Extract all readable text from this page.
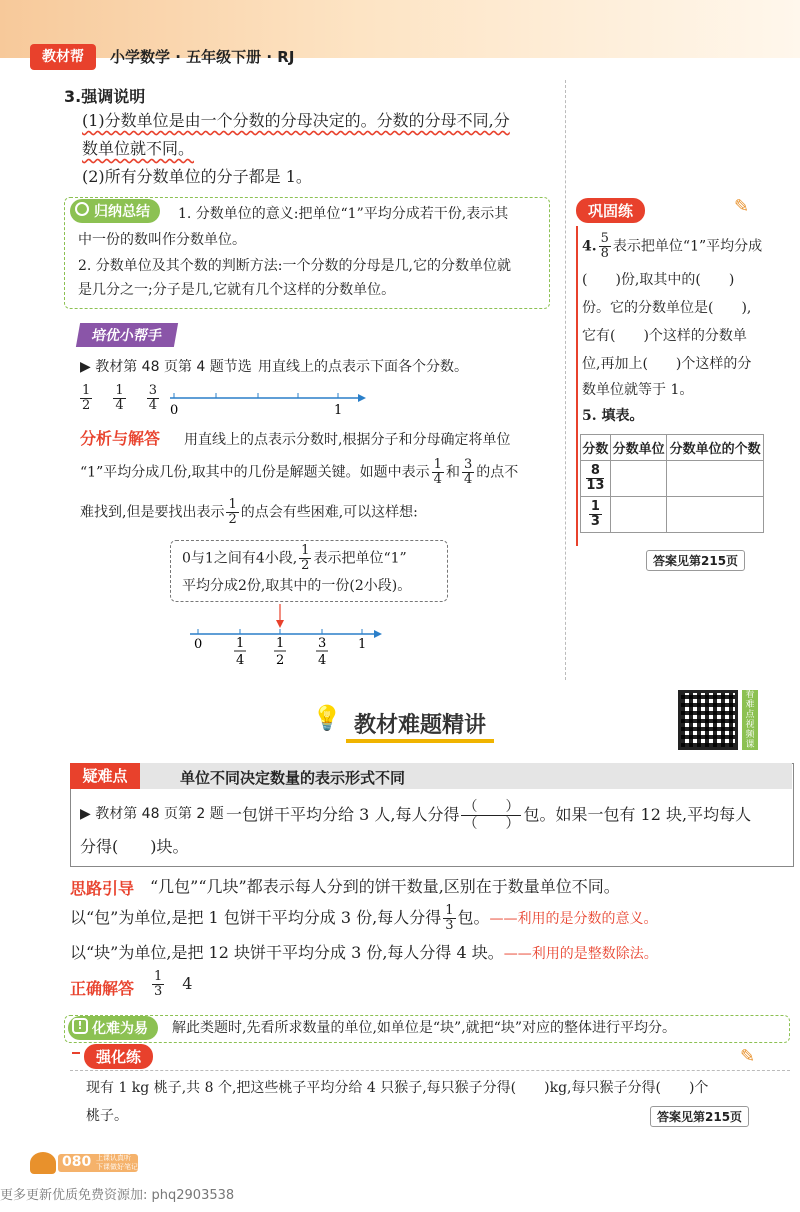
教材帮	小学数学 · 五年级下册 · RJ
3.强调说明
(1)分数单位是由一个分数的分母决定的。分数的分母不同,分
数单位就不同。
(2)所有分数单位的分子都是 1。
归纳总结	1. 分数单位的意义:把单位“1”平均分成若干份,表示其
中一份的数叫作分数单位。
2. 分数单位及其个数的判断方法:一个分数的分母是几,它的分数单位就
是几分之一;分子是几,它就有几个这样的分数单位。
培优小帮手
▶ 教材第 48 页第 4 题节选 用直线上的点表示下面各个分数。
$\frac{1}{2}$
$\frac{1}{4}$
$\frac{3}{4} 0$	1
分析与解答 用直线上的点表示分数时,根据分子和分母确定将单位
“1”平均分成几份,取其中的几份是解题关键。如题中表示 $\frac{1}{4}$ 和 $\frac{3}{4}$ 的点不
难找到,但是要找出表示 $\frac{1}{2}$ 的点会有些困难,可以这样想:
0与1之间有4小段, $\frac{1}{2}$ 表示把单位“1”
平均分成2份,取其中的一份(2小段)。
0	1
1
4
1
2
3
4
巩固练	✎
4. $\frac{5}{8}$ 表示把单位“1”平均分成
(　　)份,取其中的(　　)
份。它的分数单位是(　　),
它有(　　)个这样的分数单
位,再加上(　　)个这样的分
数单位就等于 1。
5. 填表。
分数	分数单位	分数单位的个数

$\frac{8}{13}$

$\frac{1}{3}$

答案见第215页
💡 教材难题精讲
看难点视频课
疑难点	单位不同决定数量的表示形式不同
▶ 教材第 48 页第 2 题 一包饼干平均分给 3 人,每人分得 $\frac{( )}{( )}$ 包。如果一包有 12 块,平均每人
分得(　　)块。
思路引导 “几包”“几块”都表示每人分到的饼干数量,区别在于数量单位不同。
以“包”为单位,是把 1 包饼干平均分成 3 份,每人分得 $\frac{1}{3}$ 包。——利用的是分数的意义。
以“块”为单位,是把 12 块饼干平均分成 3 份,每人分得 4 块。——利用的是整数除法。
正确解答 $\frac{1}{3}$
　 4
! 化难为易	解此类题时,先看所求数量的单位,如单位是“块”,就把“块”对应的整体进行平均分。
强化练	✎
现有 1 kg 桃子,共 8 个,把这些桃子平均分给 4 只猴子,每只猴子分得(　　)kg,每只猴子分得(　　)个
桃子。	答案见第215页
080 上课认真听
下课做好笔记
更多更新优质免费资源加: phq2903538
